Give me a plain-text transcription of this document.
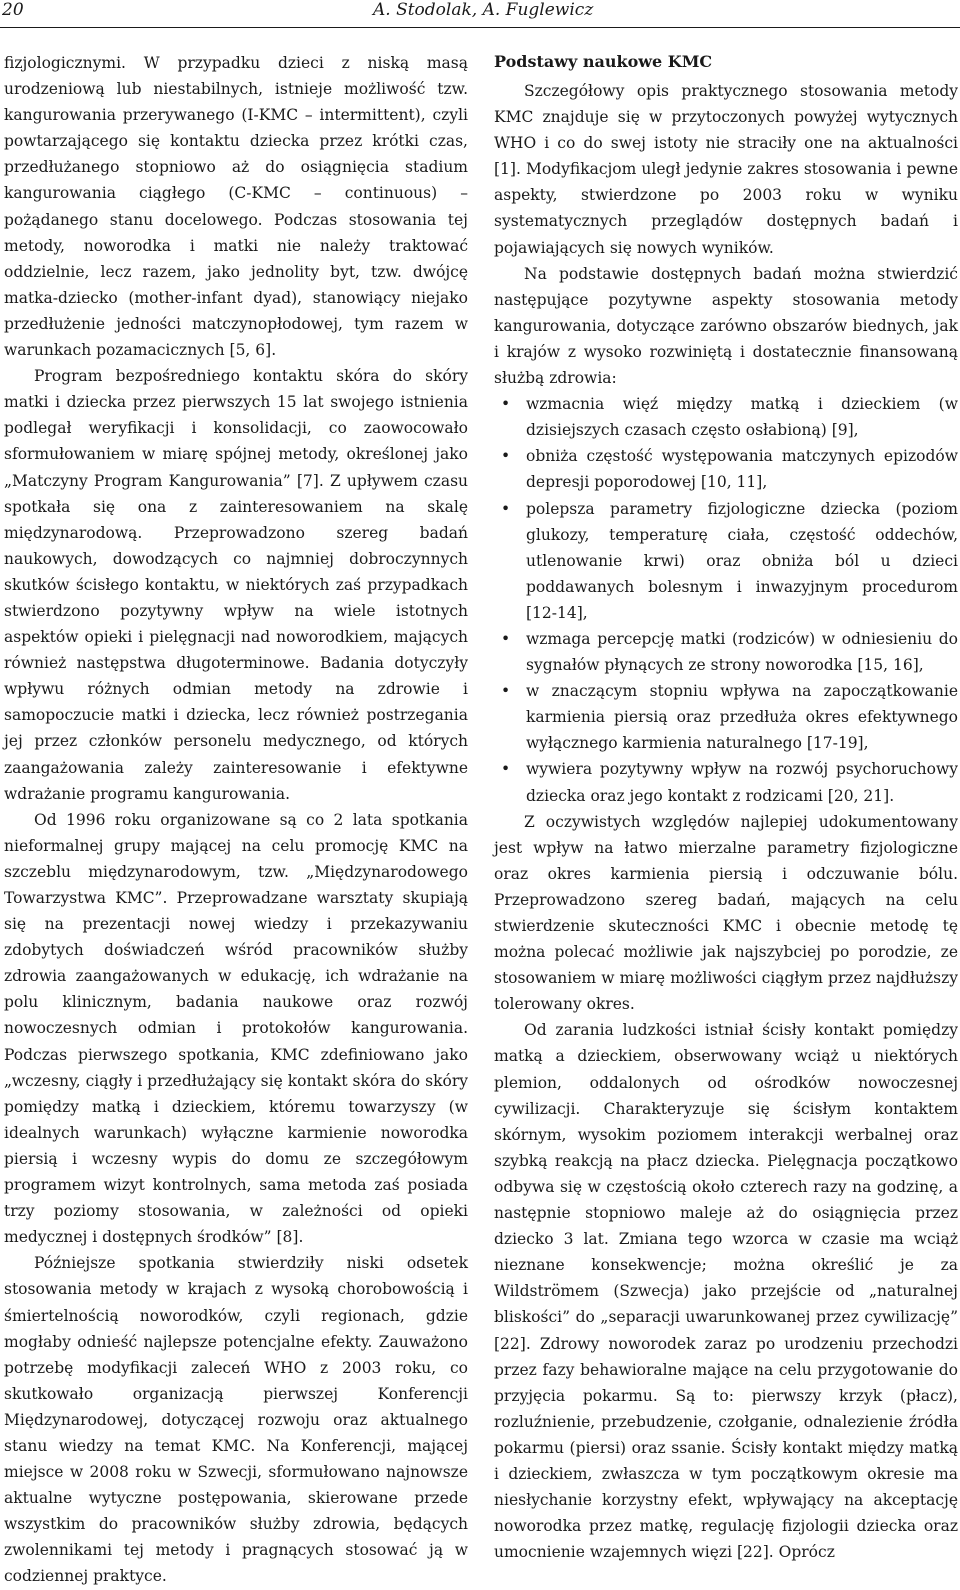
20	A. Stodolak, A. Fuglewicz

fizjologicznymi. W przypadku dzieci z niską masą urodzeniową lub niestabilnych, istnieje możliwość tzw. kangurowania przerywanego (I-KMC – intermittent), czyli powtarzającego się kontaktu dziecka przez krótki czas, przedłużanego stopniowo aż do osiągnięcia stadium kangurowania ciągłego (C-KMC – continuous) – pożądanego stanu docelowego. Podczas stosowania tej metody, noworodka i matki nie należy traktować oddzielnie, lecz razem, jako jednolity byt, tzw. dwójcę matka-dziecko (mother-infant dyad), stanowiący niejako przedłużenie jedności matczynopłodowej, tym razem w warunkach pozamacicznych [5, 6].

Program bezpośredniego kontaktu skóra do skóry matki i dziecka przez pierwszych 15 lat swojego istnienia podlegał weryfikacji i konsolidacji, co zaowocowało sformułowaniem w miarę spójnej metody, określonej jako „Matczyny Program Kangurowania” [7]. Z upływem czasu spotkała się ona z zainteresowaniem na skalę międzynarodową. Przeprowadzono szereg badań naukowych, dowodzących co najmniej dobroczynnych skutków ścisłego kontaktu, w niektórych zaś przypadkach stwierdzono pozytywny wpływ na wiele istotnych aspektów opieki i pielęgnacji nad noworodkiem, mających również następstwa długoterminowe. Badania dotyczyły wpływu różnych odmian metody na zdrowie i samopoczucie matki i dziecka, lecz również postrzegania jej przez członków personelu medycznego, od których zaangażowania zależy zainteresowanie i efektywne wdrażanie programu kangurowania.

Od 1996 roku organizowane są co 2 lata spotkania nieformalnej grupy mającej na celu promocję KMC na szczeblu międzynarodowym, tzw. „Międzynarodowego Towarzystwa KMC”. Przeprowadzane warsztaty skupiają się na prezentacji nowej wiedzy i przekazywaniu zdobytych doświadczeń wśród pracowników służby zdrowia zaangażowanych w edukację, ich wdrażanie na polu klinicznym, badania naukowe oraz rozwój nowoczesnych odmian i protokołów kangurowania. Podczas pierwszego spotkania, KMC zdefiniowano jako „wczesny, ciągły i przedłużający się kontakt skóra do skóry pomiędzy matką i dzieckiem, któremu towarzyszy (w idealnych warunkach) wyłączne karmienie noworodka piersią i wczesny wypis do domu ze szczegółowym programem wizyt kontrolnych, sama metoda zaś posiada trzy poziomy stosowania, w zależności od opieki medycznej i dostępnych środków” [8].

Późniejsze spotkania stwierdziły niski odsetek stosowania metody w krajach z wysoką chorobowością i śmiertelnością noworodków, czyli regionach, gdzie mogłaby odnieść najlepsze potencjalne efekty. Zauważono potrzebę modyfikacji zaleceń WHO z 2003 roku, co skutkowało organizacją pierwszej Konferencji Międzynarodowej, dotyczącej rozwoju oraz aktualnego stanu wiedzy na temat KMC. Na Konferencji, mającej miejsce w 2008 roku w Szwecji, sformułowano najnowsze aktualne wytyczne postępowania, skierowane przede wszystkim do pracowników służby zdrowia, będących zwolennikami tej metody i pragnących stosować ją w codziennej praktyce.

Podstawy naukowe KMC

Szczegółowy opis praktycznego stosowania metody KMC znajduje się w przytoczonych powyżej wytycznych WHO i co do swej istoty nie straciły one na aktualności [1]. Modyfikacjom uległ jedynie zakres stosowania i pewne aspekty, stwierdzone po 2003 roku w wyniku systematycznych przeglądów dostępnych badań i pojawiających się nowych wyników.

Na podstawie dostępnych badań można stwierdzić następujące pozytywne aspekty stosowania metody kangurowania, dotyczące zarówno obszarów biednych, jak i krajów z wysoko rozwiniętą i dostatecznie finansowaną służbą zdrowia:

• wzmacnia więź między matką i dzieckiem (w dzisiejszych czasach często osłabioną) [9],
• obniża częstość występowania matczynych epizodów depresji poporodowej [10, 11],
• polepsza parametry fizjologiczne dziecka (poziom glukozy, temperaturę ciała, częstość oddechów, utlenowanie krwi) oraz obniża ból u dzieci poddawanych bolesnym i inwazyjnym procedurom [12-14],
• wzmaga percepcję matki (rodziców) w odniesieniu do sygnałów płynących ze strony noworodka [15, 16],
• w znaczącym stopniu wpływa na zapoczątkowanie karmienia piersią oraz przedłuża okres efektywnego wyłącznego karmienia naturalnego [17-19],
• wywiera pozytywny wpływ na rozwój psychoruchowy dziecka oraz jego kontakt z rodzicami [20, 21].

Z oczywistych względów najlepiej udokumentowany jest wpływ na łatwo mierzalne parametry fizjologiczne oraz okres karmienia piersią i odczuwanie bólu. Przeprowadzono szereg badań, mających na celu stwierdzenie skuteczności KMC i obecnie metodę tę można polecać możliwie jak najszybciej po porodzie, ze stosowaniem w miarę możliwości ciągłym przez najdłuższy tolerowany okres.

Od zarania ludzkości istniał ścisły kontakt pomiędzy matką a dzieckiem, obserwowany wciąż u niektórych plemion, oddalonych od ośrodków nowoczesnej cywilizacji. Charakteryzuje się ścisłym kontaktem skórnym, wysokim poziomem interakcji werbalnej oraz szybką reakcją na płacz dziecka. Pielęgnacja początkowo odbywa się w częstością około czterech razy na godzinę, a następnie stopniowo maleje aż do osiągnięcia przez dziecko 3 lat. Zmiana tego wzorca w czasie ma wciąż nieznane konsekwencje; można określić je za Wildströmem (Szwecja) jako przejście od „naturalnej bliskości” do „separacji uwarunkowanej przez cywilizację” [22]. Zdrowy noworodek zaraz po urodzeniu przechodzi przez fazy behawioralne mające na celu przygotowanie do przyjęcia pokarmu. Są to: pierwszy krzyk (płacz), rozluźnienie, przebudzenie, czołganie, odnalezienie źródła pokarmu (piersi) oraz ssanie. Ścisły kontakt między matką i dzieckiem, zwłaszcza w tym początkowym okresie ma niesłychanie korzystny efekt, wpływający na akceptację noworodka przez matkę, regulację fizjologii dziecka oraz umocnienie wzajemnych więzi [22]. Oprócz
